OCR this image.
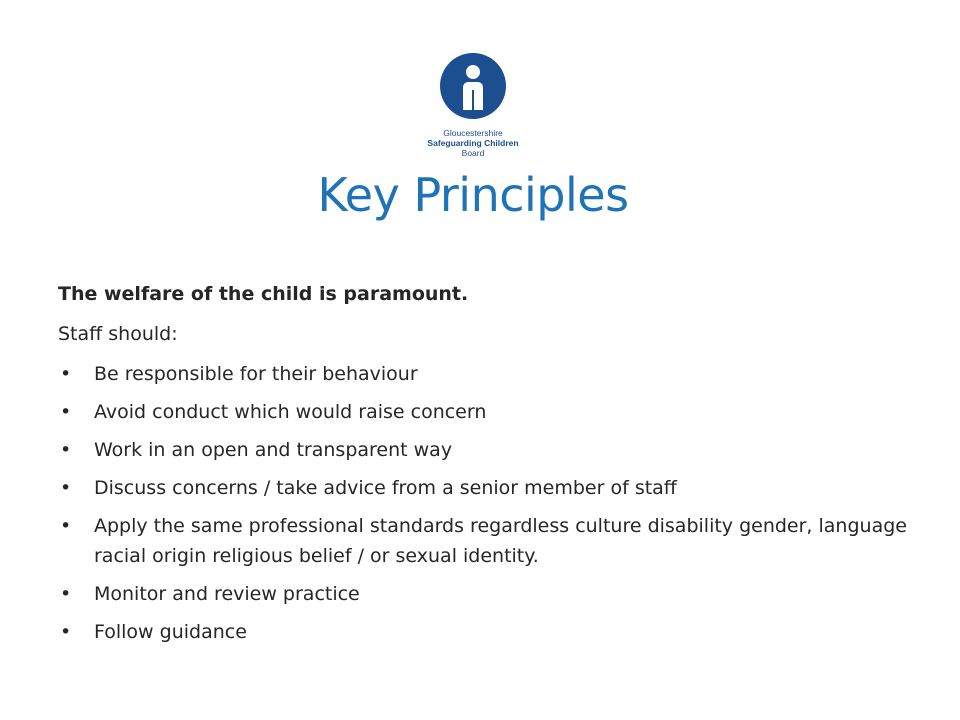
Gloucestershire
Safeguarding Children
Board
Key Principles

The welfare of the child is paramount.

Staff should:

• Be responsible for their behaviour
• Avoid conduct which would raise concern
• Work in an open and transparent way
• Discuss concerns / take advice from a senior member of staff
• Apply the same professional standards regardless culture disability gender, language racial origin religious belief / or sexual identity.
• Monitor and review practice
• Follow guidance
